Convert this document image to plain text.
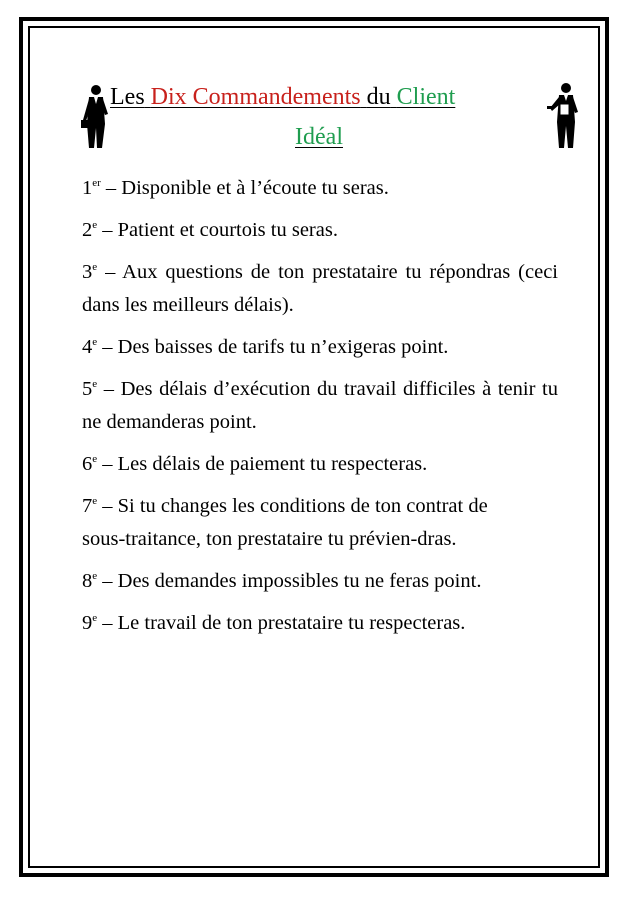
Les Dix Commandements du Client
Idéal

1er – Disponible et à l’écoute tu seras.

2e – Patient et courtois tu seras.

3e – Aux questions de ton prestataire tu répondras (ceci dans les meilleurs délais).

4e – Des baisses de tarifs tu n’exigeras point.

5e – Des délais d’exécution du travail difficiles à tenir tu ne demanderas point.

6e – Les délais de paiement tu respecteras.

7e – Si tu changes les conditions de ton contrat de sous-traitance, ton prestataire tu prévien-dras.

8e – Des demandes impossibles tu ne feras point.

9e – Le travail de ton prestataire tu respecteras.
